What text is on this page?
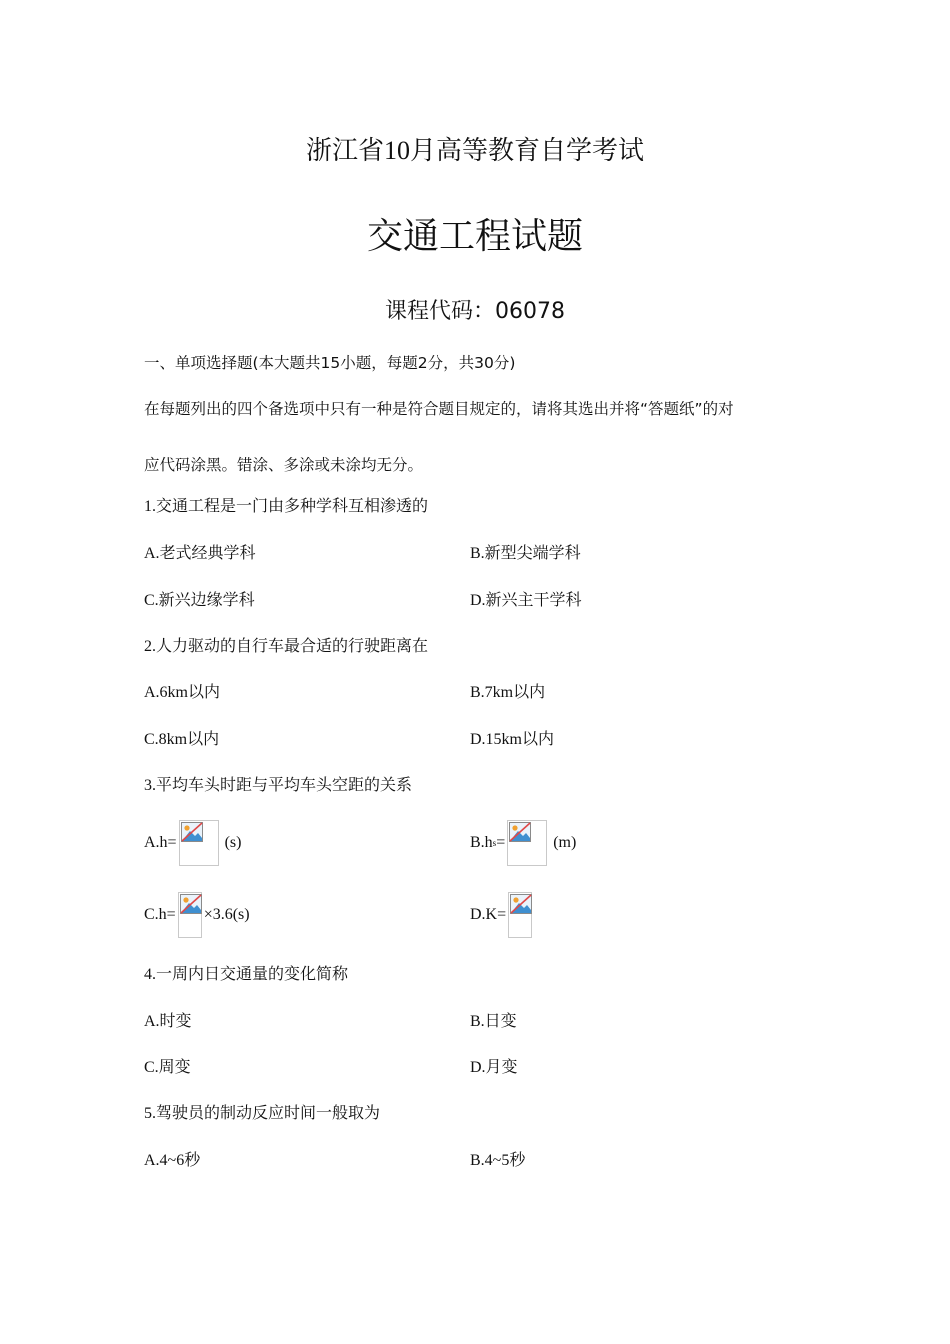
浙江省10月高等教育自学考试
交通工程试题
课程代码：06078
一、单项选择题(本大题共15小题，每题2分，共30分)
在每题列出的四个备选项中只有一种是符合题目规定的，请将其选出并将“答题纸”的对
应代码涂黑。错涂、多涂或未涂均无分。
1.交通工程是一门由多种学科互相渗透的
A.老式经典学科	B.新型尖端学科
C.新兴边缘学科	D.新兴主干学科
2.人力驱动的自行车最合适的行驶距离在
A.6km以内	B.7km以内
C.8km以内	D.15km以内
3.平均车头时距与平均车头空距的关系
A.h=	(s)	B.h s =	(m)
C.h= ×3.6(s)	D.K=
4.一周内日交通量的变化简称
A.时变	B.日变
C.周变	D.月变
5.驾驶员的制动反应时间一般取为
A.4~6秒	B.4~5秒
